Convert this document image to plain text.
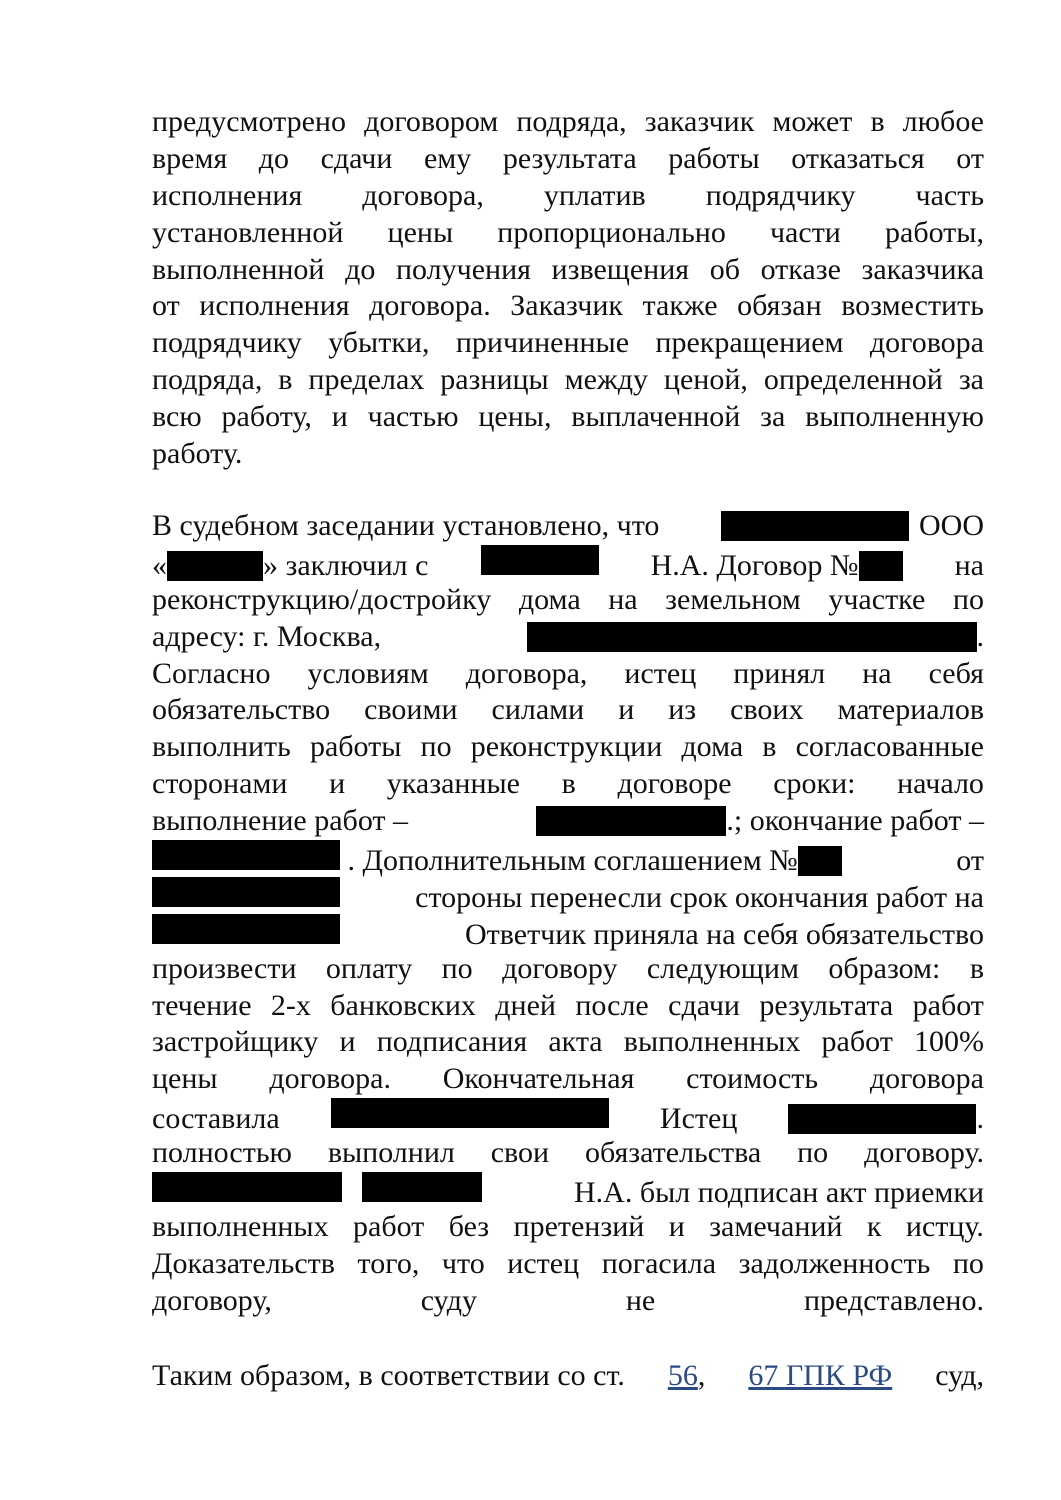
предусмотрено договором подряда, заказчик может в любое
время до сдачи ему результата работы отказаться от
исполнения договора, уплатив подрядчику часть
установленной цены пропорционально части работы,
выполненной до получения извещения об отказе заказчика
от исполнения договора. Заказчик также обязан возместить
подрядчику убытки, причиненные прекращением договора
подряда, в пределах разницы между ценой, определенной за
всю работу, и частью цены, выплаченной за выполненную
работу.
В судебном заседании установлено, что	ООО
«	» заключил с	Н.А. Договор №	на
реконструкцию/достройку дома на земельном участке по
адресу: г. Москва,	.
Согласно условиям договора, истец принял на себя
обязательство своими силами и из своих материалов
выполнить работы по реконструкции дома в согласованные
сторонами и указанные в договоре сроки: начало
выполнение работ –	.; окончание работ –
. Дополнительным соглашением №	от
стороны перенесли срок окончания работ на
Ответчик приняла на себя обязательство
произвести оплату по договору следующим образом: в
течение 2-х банковских дней после сдачи результата работ
застройщику и подписания акта выполненных работ 100%
цены договора. Окончательная стоимость договора
составила	Истец	.
полностью выполнил свои обязательства по договору.
Н.А. был подписан акт приемки
выполненных работ без претензий и замечаний к истцу.
Доказательств того, что истец погасила задолженность по
договору,	суду	не	представлено.
Таким образом, в соответствии со ст. 56, 67 ГПК РФ суд,
